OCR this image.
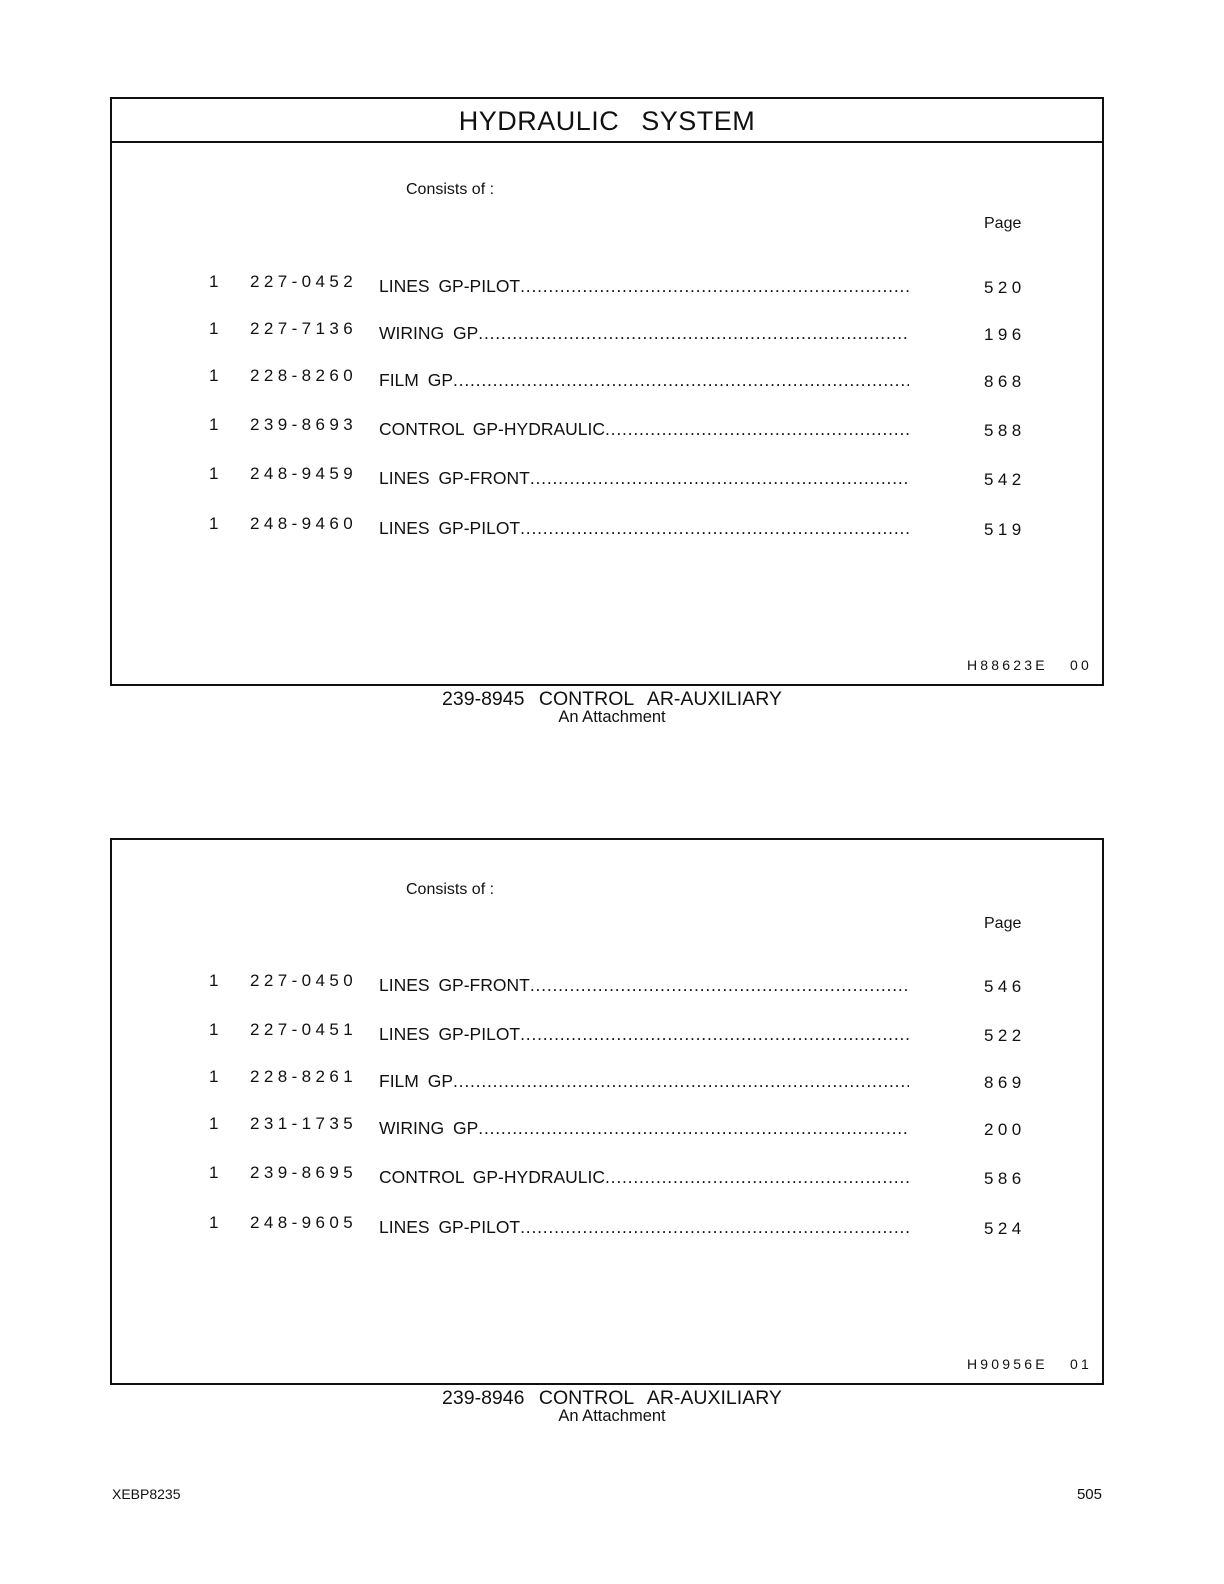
HYDRAULIC SYSTEM
Consists of :
Page
1 227-0452 LINES GP-PILOT .....	520
1 227-7136 WIRING GP .....	196
1 228-8260 FILM GP .....	868
1 239-8693 CONTROL GP-HYDRAULIC .....	588
1 248-9459 LINES GP-FRONT .....	542
1 248-9460 LINES GP-PILOT .....	519
H88623E 00
239-8945 CONTROL AR-AUXILIARY
An Attachment
Consists of :
Page
1 227-0450 LINES GP-FRONT .....	546
1 227-0451 LINES GP-PILOT .....	522
1 228-8261 FILM GP .....	869
1 231-1735 WIRING GP .....	200
1 239-8695 CONTROL GP-HYDRAULIC .....	586
1 248-9605 LINES GP-PILOT .....	524
H90956E 01
239-8946 CONTROL AR-AUXILIARY
An Attachment
XEBP8235	505
